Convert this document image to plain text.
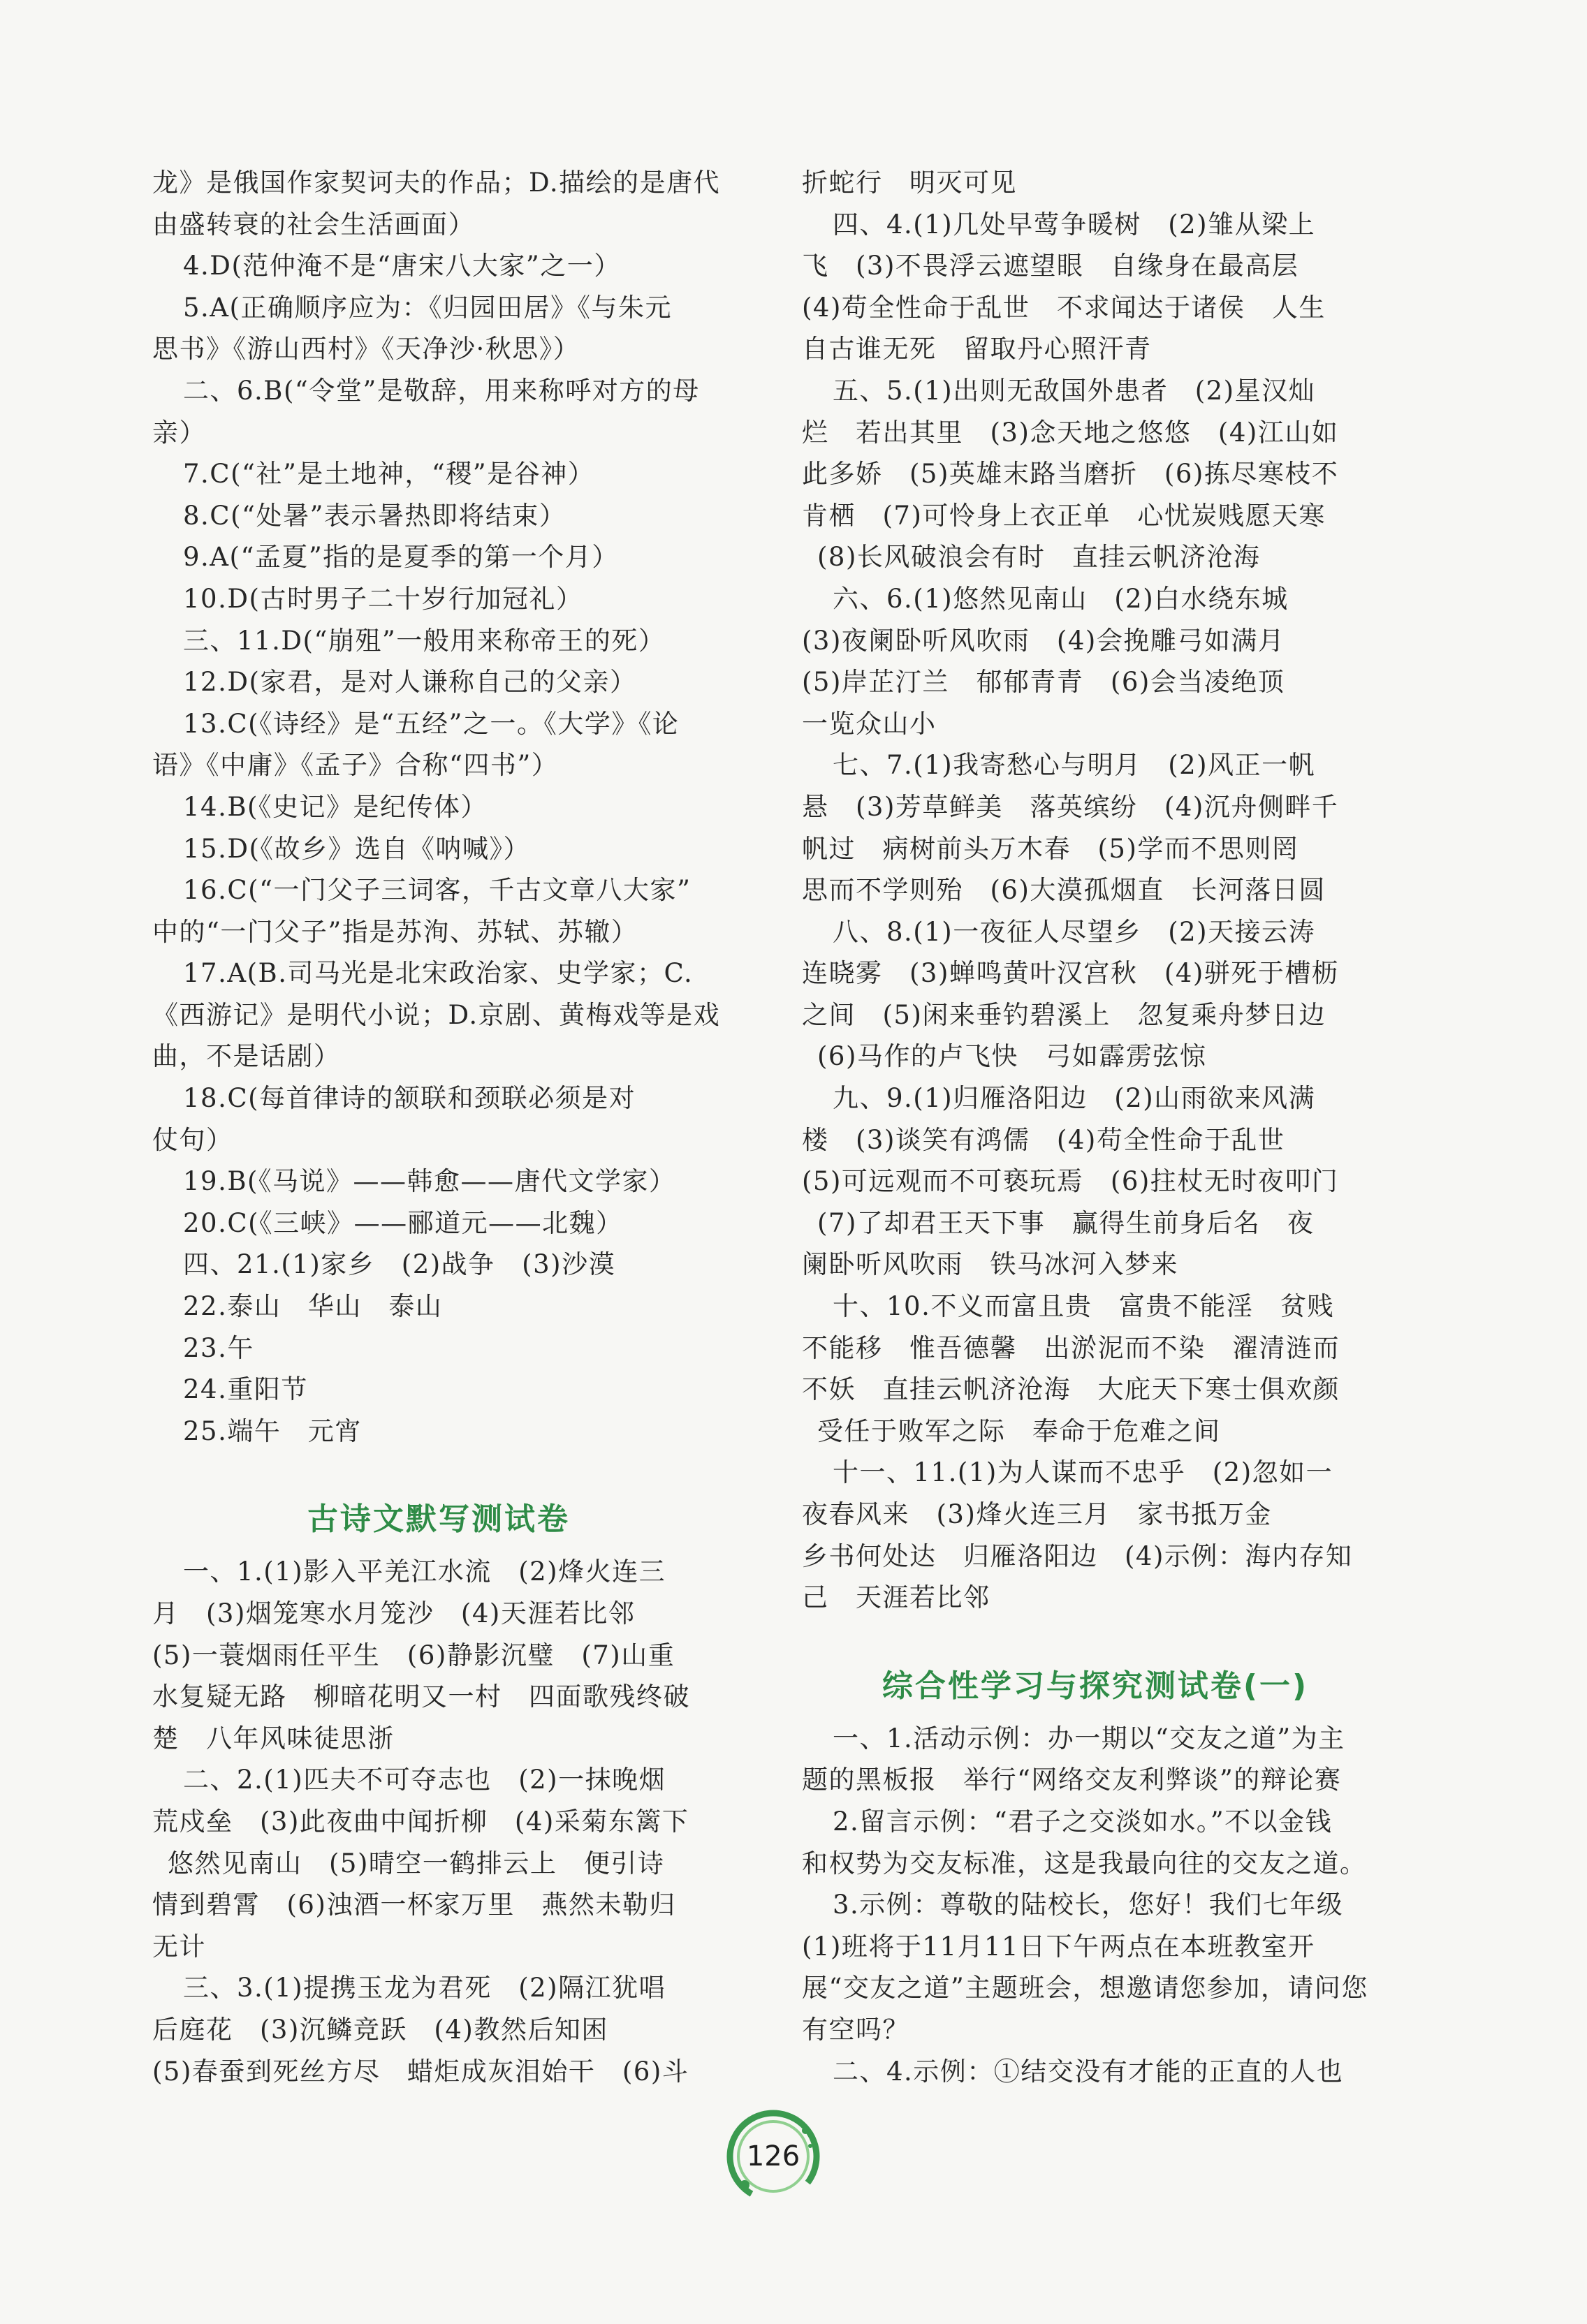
龙》是俄国作家契诃夫的作品；D.描绘的是唐代
由盛转衰的社会生活画面）
4.D(范仲淹不是“唐宋八大家”之一）
5.A(正确顺序应为：《归园田居》《与朱元
思书》《游山西村》《天净沙·秋思》）
二、6.B(“令堂”是敬辞，用来称呼对方的母
亲）
7.C(“社”是土地神，“稷”是谷神）
8.C(“处暑”表示暑热即将结束）
9.A(“孟夏”指的是夏季的第一个月）
10.D(古时男子二十岁行加冠礼）
三、11.D(“崩殂”一般用来称帝王的死）
12.D(家君，是对人谦称自己的父亲）
13.C(《诗经》是“五经”之一。《大学》《论
语》《中庸》《孟子》合称“四书”）
14.B(《史记》是纪传体）
15.D(《故乡》选自《呐喊》）
16.C(“一门父子三词客，千古文章八大家”
中的“一门父子”指是苏洵、苏轼、苏辙）
17.A(B.司马光是北宋政治家、史学家；C.
《西游记》是明代小说；D.京剧、黄梅戏等是戏
曲，不是话剧）
18.C(每首律诗的颔联和颈联必须是对
仗句）
19.B(《马说》——韩愈——唐代文学家）
20.C(《三峡》——郦道元——北魏）
四、21.(1)家乡　(2)战争　(3)沙漠
22.泰山　华山　泰山
23.午
24.重阳节
25.端午　元宵
古诗文默写测试卷
一、1.(1)影入平羌江水流　(2)烽火连三
月　(3)烟笼寒水月笼沙　(4)天涯若比邻
(5)一蓑烟雨任平生　(6)静影沉璧　(7)山重
水复疑无路　柳暗花明又一村　四面歌残终破
楚　八年风味徒思浙
二、2.(1)匹夫不可夺志也　(2)一抹晚烟
荒戍垒　(3)此夜曲中闻折柳　(4)采菊东篱下
悠然见南山　(5)晴空一鹤排云上　便引诗
情到碧霄　(6)浊酒一杯家万里　燕然未勒归
无计
三、3.(1)提携玉龙为君死　(2)隔江犹唱
后庭花　(3)沉鳞竞跃　(4)教然后知困
(5)春蚕到死丝方尽　蜡炬成灰泪始干　(6)斗
折蛇行　明灭可见
四、4.(1)几处早莺争暖树　(2)雏从梁上
飞　(3)不畏浮云遮望眼　自缘身在最高层
(4)苟全性命于乱世　不求闻达于诸侯　人生
自古谁无死　留取丹心照汗青
五、5.(1)出则无敌国外患者　(2)星汉灿
烂　若出其里　(3)念天地之悠悠　(4)江山如
此多娇　(5)英雄末路当磨折　(6)拣尽寒枝不
肯栖　(7)可怜身上衣正单　心忧炭贱愿天寒
(8)长风破浪会有时　直挂云帆济沧海
六、6.(1)悠然见南山　(2)白水绕东城
(3)夜阑卧听风吹雨　(4)会挽雕弓如满月
(5)岸芷汀兰　郁郁青青　(6)会当凌绝顶
一览众山小
七、7.(1)我寄愁心与明月　(2)风正一帆
悬　(3)芳草鲜美　落英缤纷　(4)沉舟侧畔千
帆过　病树前头万木春　(5)学而不思则罔
思而不学则殆　(6)大漠孤烟直　长河落日圆
八、8.(1)一夜征人尽望乡　(2)天接云涛
连晓雾　(3)蝉鸣黄叶汉宫秋　(4)骈死于槽枥
之间　(5)闲来垂钓碧溪上　忽复乘舟梦日边
(6)马作的卢飞快　弓如霹雳弦惊
九、9.(1)归雁洛阳边　(2)山雨欲来风满
楼　(3)谈笑有鸿儒　(4)苟全性命于乱世
(5)可远观而不可亵玩焉　(6)拄杖无时夜叩门
(7)了却君王天下事　赢得生前身后名　夜
阑卧听风吹雨　铁马冰河入梦来
十、10.不义而富且贵　富贵不能淫　贫贱
不能移　惟吾德馨　出淤泥而不染　濯清涟而
不妖　直挂云帆济沧海　大庇天下寒士俱欢颜
受任于败军之际　奉命于危难之间
十一、11.(1)为人谋而不忠乎　(2)忽如一
夜春风来　(3)烽火连三月　家书抵万金
乡书何处达　归雁洛阳边　(4)示例：海内存知
己　天涯若比邻
综合性学习与探究测试卷(一)
一、1.活动示例：办一期以“交友之道”为主
题的黑板报　举行“网络交友利弊谈”的辩论赛
2.留言示例：“君子之交淡如水。”不以金钱
和权势为交友标准，这是我最向往的交友之道。
3.示例：尊敬的陆校长，您好！我们七年级
(1)班将于11月11日下午两点在本班教室开
展“交友之道”主题班会，想邀请您参加，请问您
有空吗？
二、4.示例：①结交没有才能的正直的人也
126
